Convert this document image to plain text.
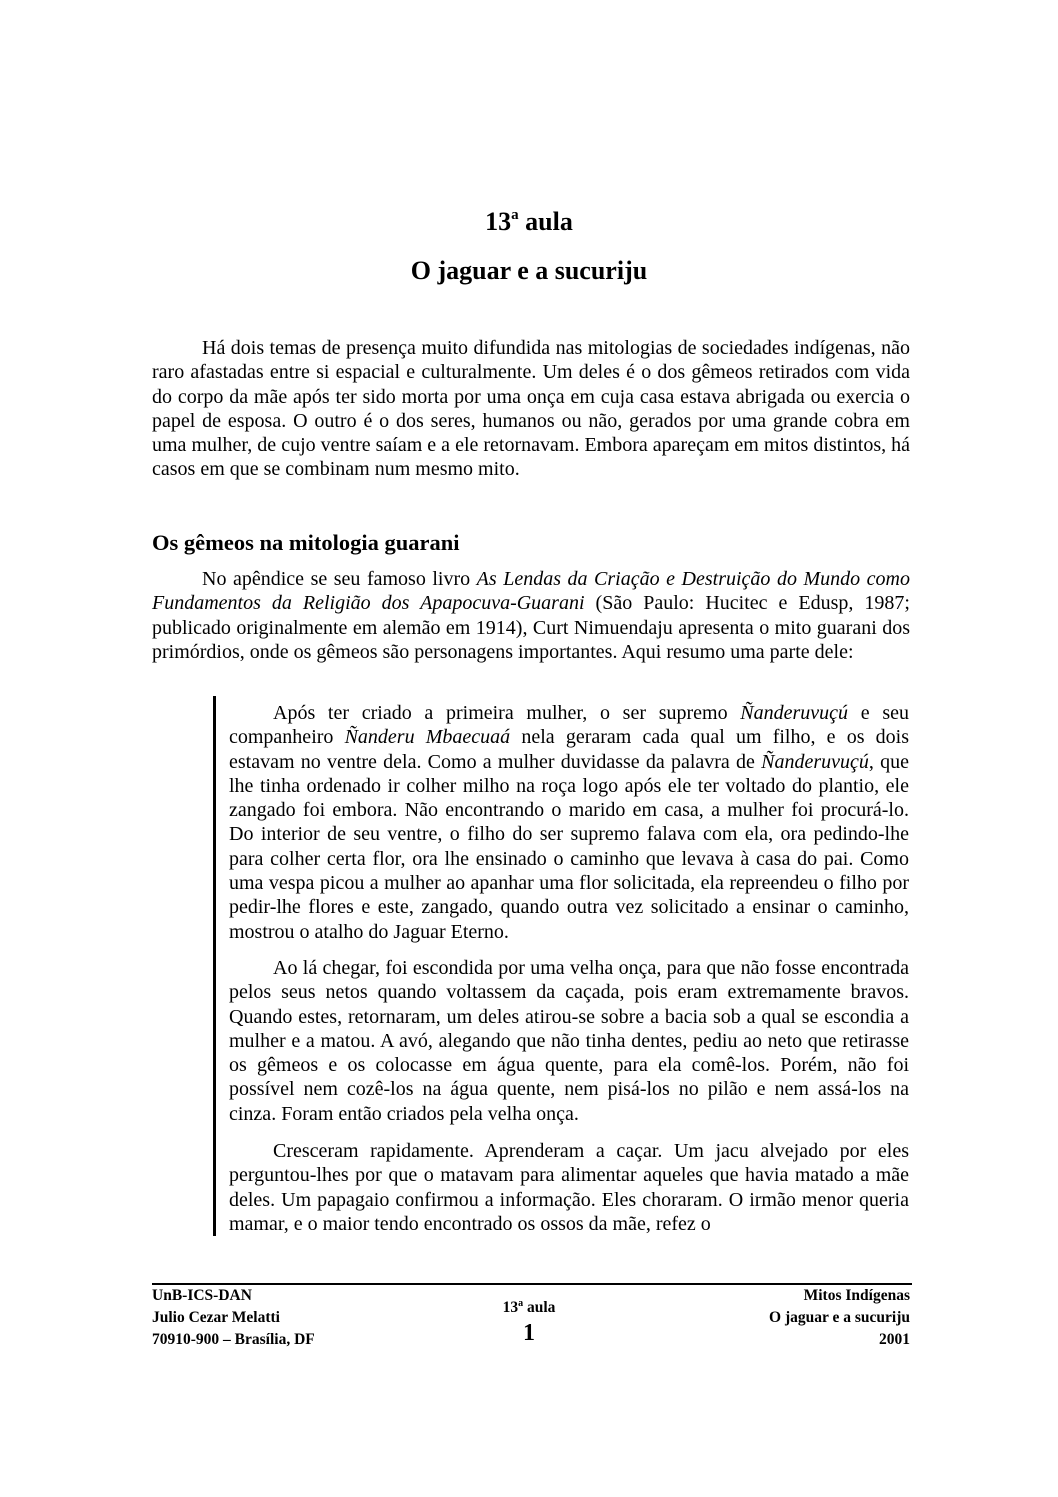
13$^a$ aula
O jaguar e a sucuriju

Há dois temas de presença muito difundida nas mitologias de sociedades indígenas, não raro afastadas entre si espacial e culturalmente. Um deles é o dos gêmeos retirados com vida do corpo da mãe após ter sido morta por uma onça em cuja casa estava abrigada ou exercia o papel de esposa. O outro é o dos seres, humanos ou não, gerados por uma grande cobra em uma mulher, de cujo ventre saíam e a ele retornavam. Embora apareçam em mitos distintos, há casos em que se combinam num mesmo mito.

Os gêmeos na mitologia guarani

No apêndice se seu famoso livro As Lendas da Criação e Destruição do Mundo como Fundamentos da Religião dos Apapocuva-Guarani (São Paulo: Hucitec e Edusp, 1987; publicado originalmente em alemão em 1914), Curt Nimuendaju apresenta o mito guarani dos primórdios, onde os gêmeos são personagens importantes. Aqui resumo uma parte dele:

Após ter criado a primeira mulher, o ser supremo Ñanderuvuçú e seu companheiro Ñanderu Mbaecuaá nela geraram cada qual um filho, e os dois estavam no ventre dela. Como a mulher duvidasse da palavra de Ñanderuvuçú, que lhe tinha ordenado ir colher milho na roça logo após ele ter voltado do plantio, ele zangado foi embora. Não encontrando o marido em casa, a mulher foi procurá-lo. Do interior de seu ventre, o filho do ser supremo falava com ela, ora pedindo-lhe para colher certa flor, ora lhe ensinado o caminho que levava à casa do pai. Como uma vespa picou a mulher ao apanhar uma flor solicitada, ela repreendeu o filho por pedir-lhe flores e este, zangado, quando outra vez solicitado a ensinar o caminho, mostrou o atalho do Jaguar Eterno.

Ao lá chegar, foi escondida por uma velha onça, para que não fosse encontrada pelos seus netos quando voltassem da caçada, pois eram extremamente bravos. Quando estes, retornaram, um deles atirou-se sobre a bacia sob a qual se escondia a mulher e a matou. A avó, alegando que não tinha dentes, pediu ao neto que retirasse os gêmeos e os colocasse em água quente, para ela comê-los. Porém, não foi possível nem cozê-los na água quente, nem pisá-los no pilão e nem assá-los na cinza. Foram então criados pela velha onça.

Cresceram rapidamente. Aprenderam a caçar. Um jacu alvejado por eles perguntou-lhes por que o matavam para alimentar aqueles que havia matado a mãe deles. Um papagaio confirmou a informação. Eles choraram. O irmão menor queria mamar, e o maior tendo encontrado os ossos da mãe, refez o

UnB-ICS-DAN
Julio Cezar Melatti
70910-900 – Brasília, DF
13$^a$ aula
1
Mitos Indígenas
O jaguar e a sucuriju
2001
